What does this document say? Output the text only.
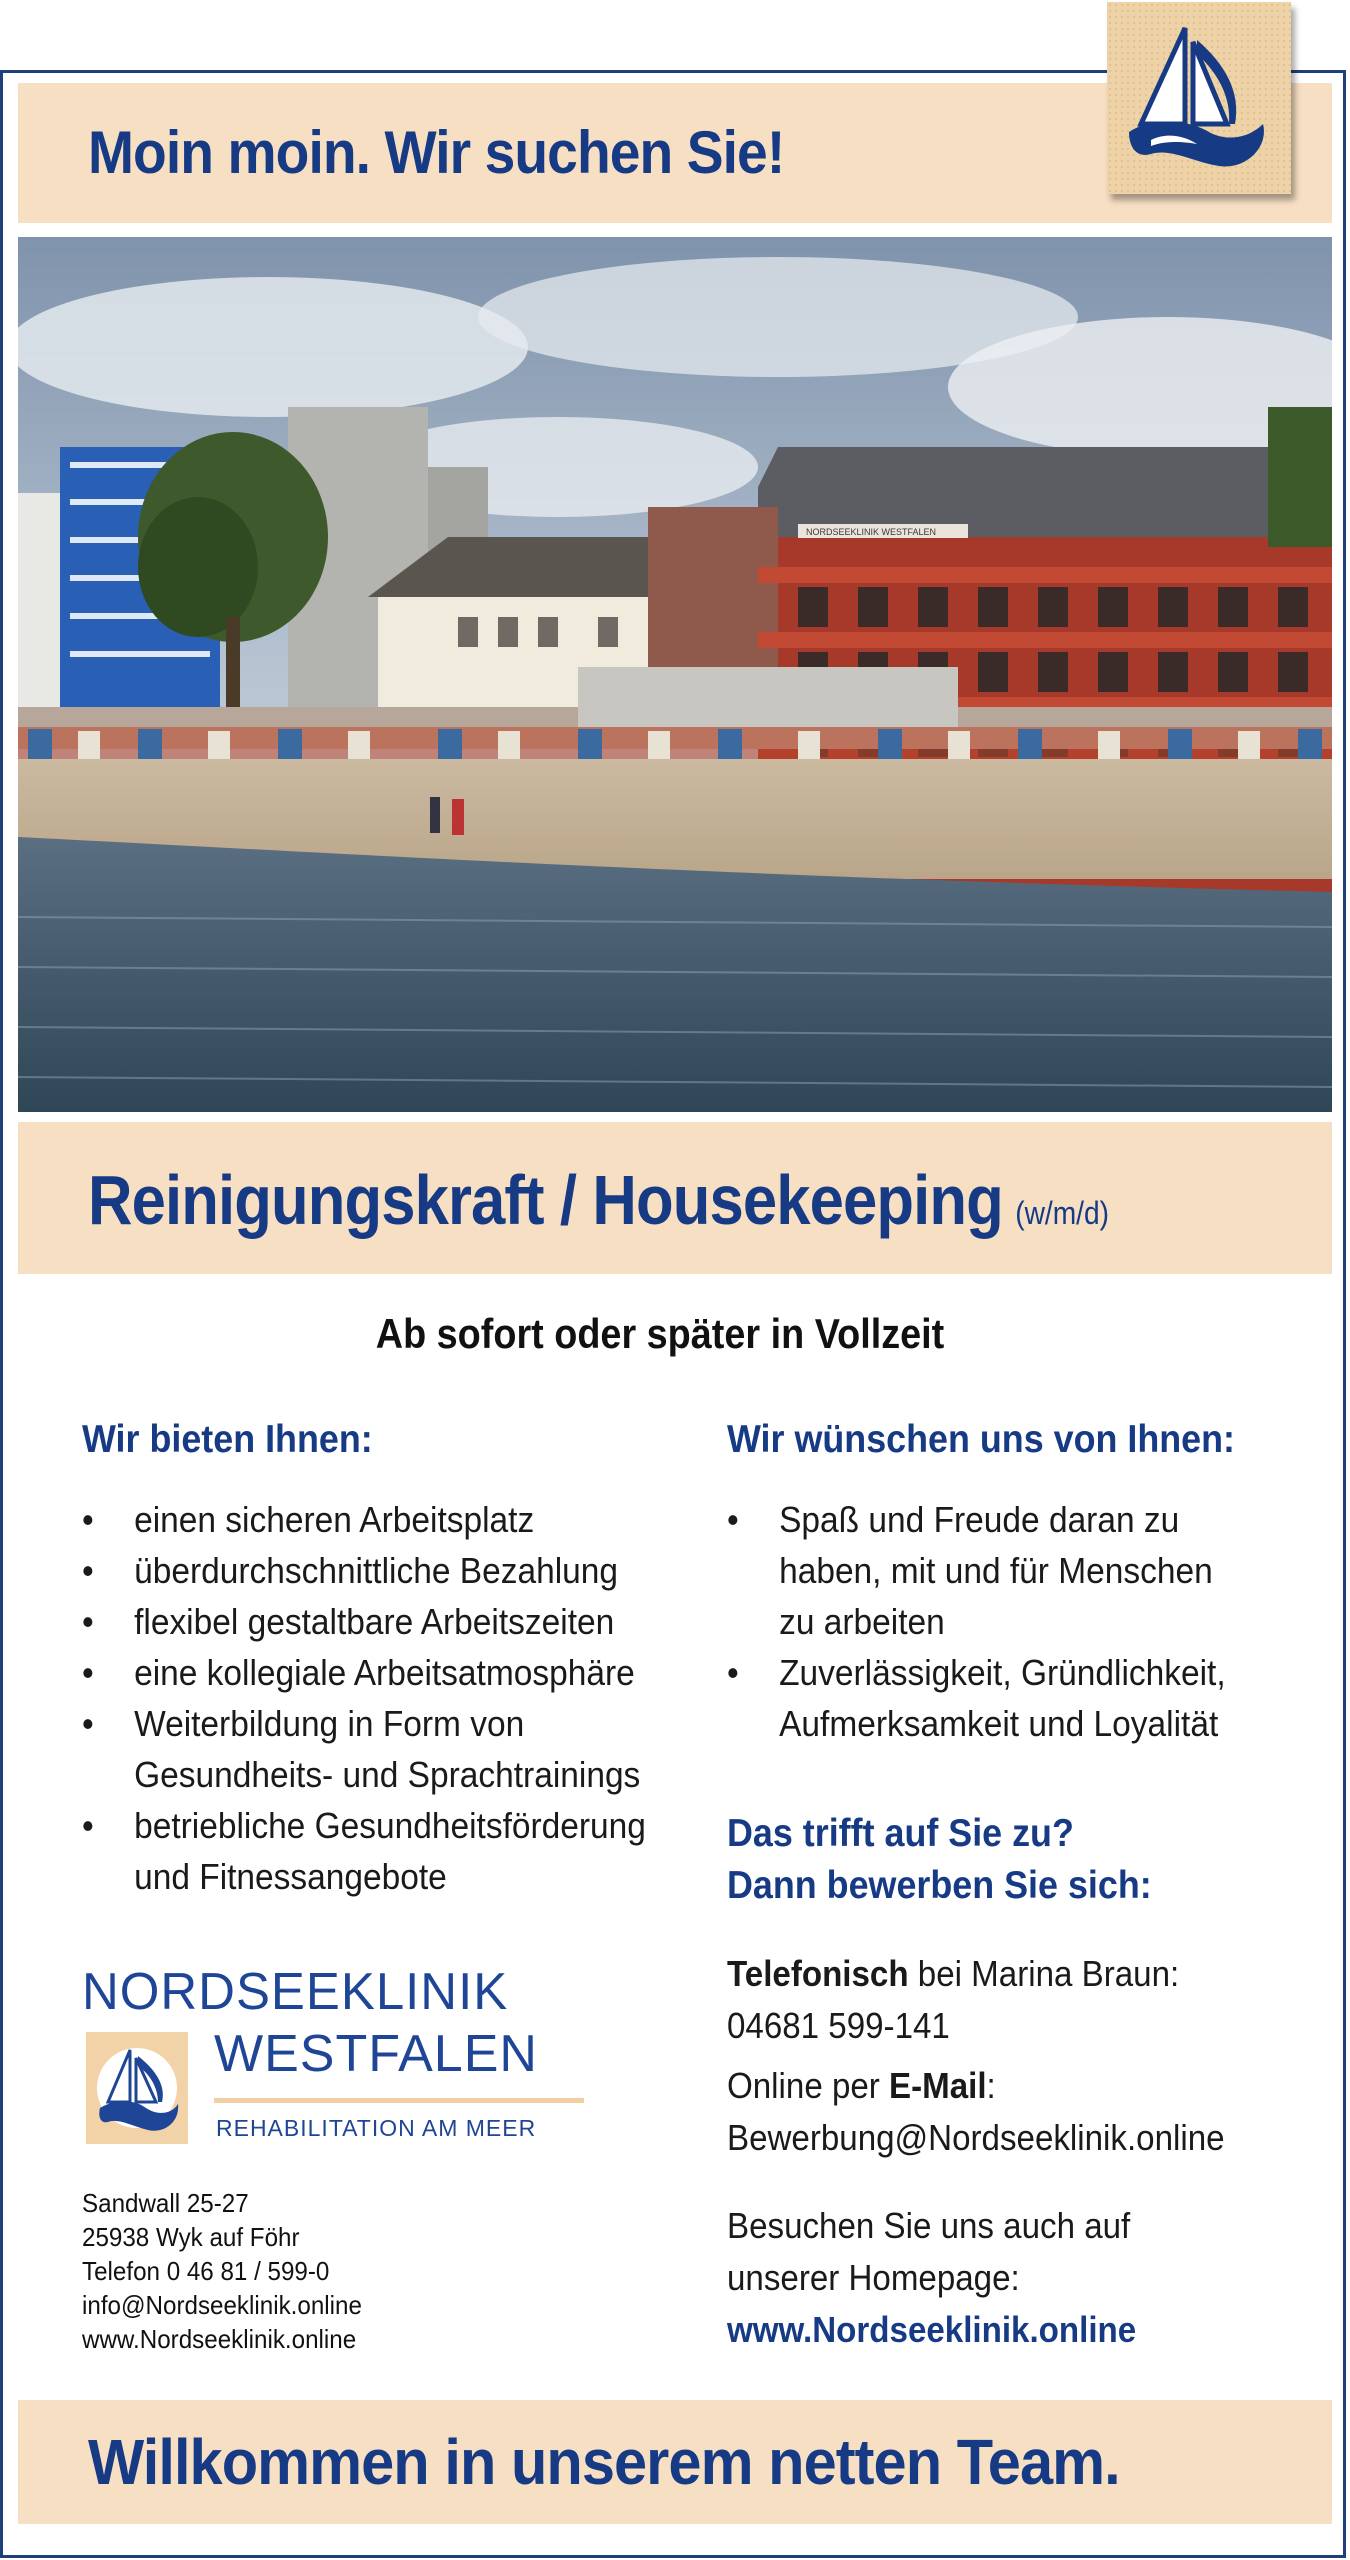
Moin moin. Wir suchen Sie!
NORDSEEKLINIK WESTFALEN
Reinigungskraft / Housekeeping (w/m/d)
Ab sofort oder später in Vollzeit
Wir bieten Ihnen:
• einen sicheren Arbeitsplatz
• überdurchschnittliche Bezahlung
• flexibel gestaltbare Arbeitszeiten
• eine kollegiale Arbeitsatmosphäre
• Weiterbildung in Form von
Gesundheits- und Sprachtrainings
• betriebliche Gesundheitsförderung
und Fitnessangebote
Wir wünschen uns von Ihnen:
• Spaß und Freude daran zu
haben, mit und für Menschen
zu arbeiten
• Zuverlässigkeit, Gründlichkeit,
Aufmerksamkeit und Loyalität
Das trifft auf Sie zu?
Dann bewerben Sie sich:
Telefonisch bei Marina Braun:
04681 599-141
Online per E-Mail:
Bewerbung@Nordseeklinik.online
Besuchen Sie uns auch auf
unserer Homepage:
www.Nordseeklinik.online
NORDSEEKLINIK
WESTFALEN
REHABILITATION AM MEER
Sandwall 25-27
25938 Wyk auf Föhr
Telefon 0 46 81 / 599-0
info@Nordseeklinik.online
www.Nordseeklinik.online
Willkommen in unserem netten Team.
